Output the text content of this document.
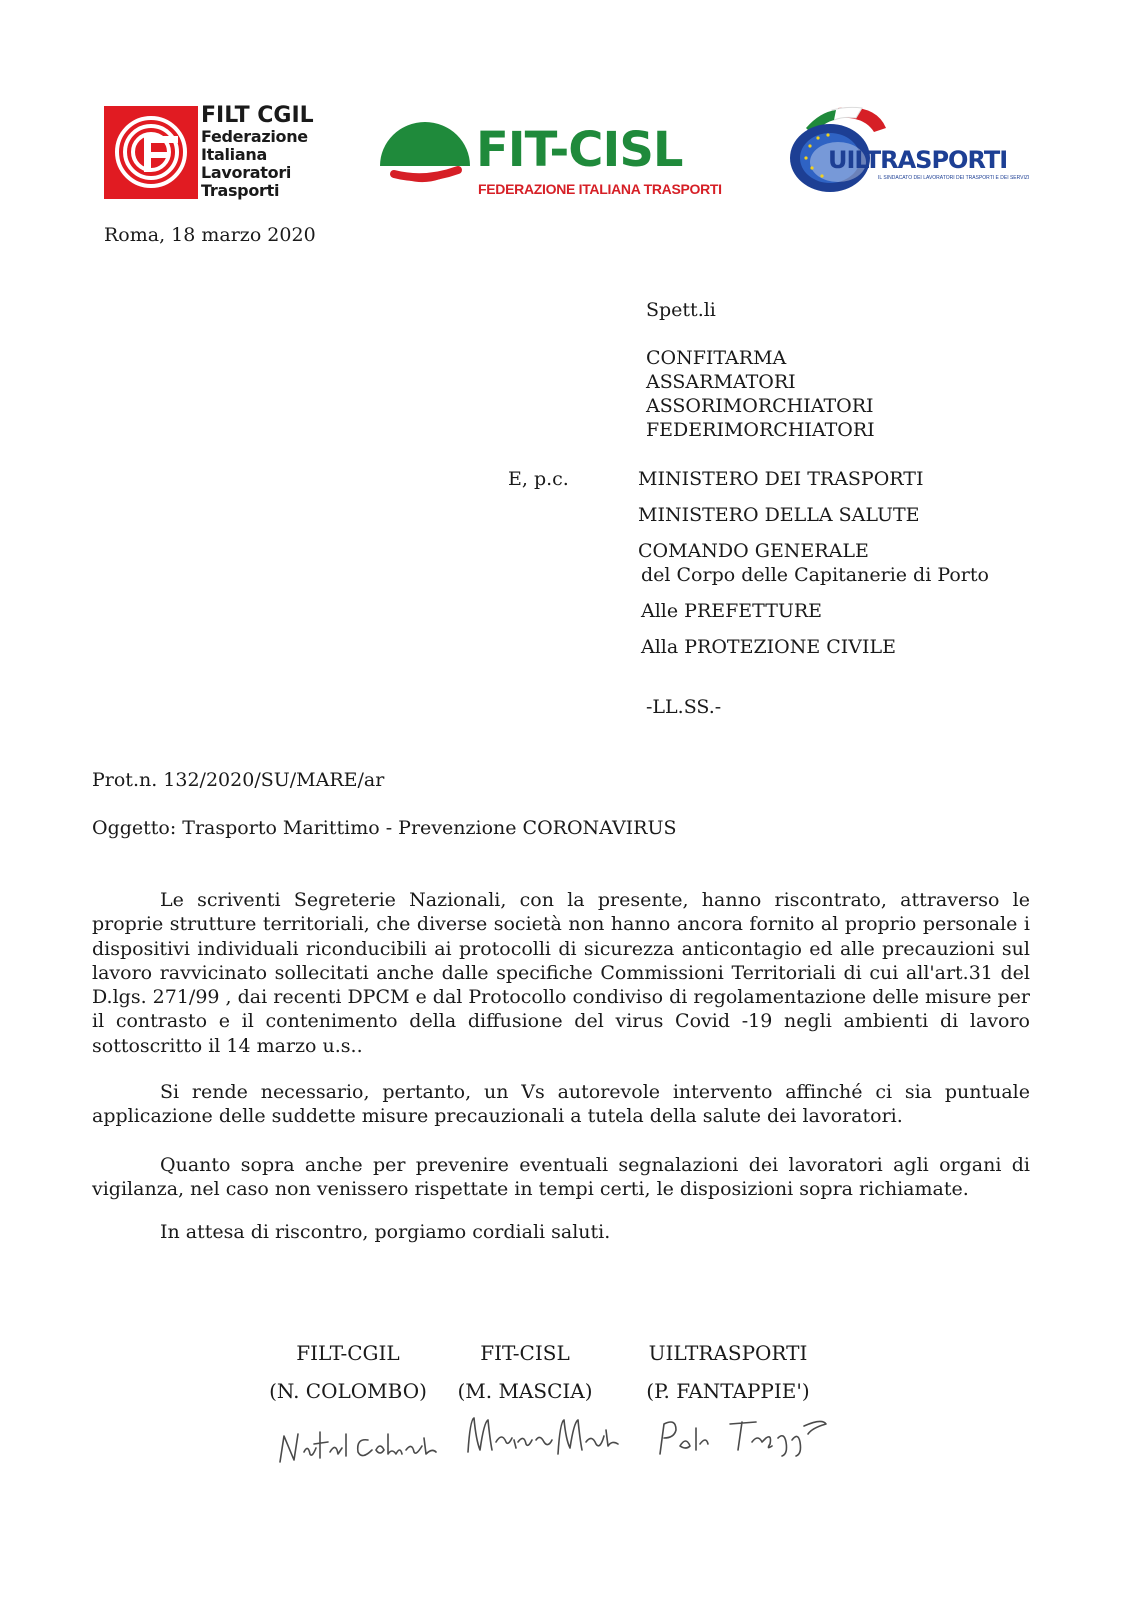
FILT CGIL
Federazione
Italiana
Lavoratori
Trasporti
FIT-CISL
FEDERAZIONE ITALIANA TRASPORTI
UILTRASPORTI
IL SINDACATO DEI LAVORATORI DEI TRASPORTI E DEI SERVIZI
Roma, 18 marzo 2020
Spett.li
CONFITARMA
ASSARMATORI
ASSORIMORCHIATORI
FEDERIMORCHIATORI
E, p.c.	MINISTERO DEI TRASPORTI
MINISTERO DELLA SALUTE
COMANDO GENERALE
del Corpo delle Capitanerie di Porto
Alle PREFETTURE
Alla PROTEZIONE CIVILE
-LL.SS.-
Prot.n. 132/2020/SU/MARE/ar
Oggetto: Trasporto Marittimo - Prevenzione CORONAVIRUS
Le scriventi Segreterie Nazionali, con la presente, hanno riscontrato, attraverso le proprie strutture territoriali, che diverse società non hanno ancora fornito al proprio personale i dispositivi individuali riconducibili ai protocolli di sicurezza anticontagio ed alle precauzioni sul lavoro ravvicinato sollecitati anche dalle specifiche Commissioni Territoriali di cui all'art.31 del D.lgs. 271/99 , dai recenti DPCM e dal Protocollo condiviso di regolamentazione delle misure per il contrasto e il contenimento della diffusione del virus Covid -19 negli ambienti di lavoro sottoscritto il 14 marzo u.s..
Si rende necessario, pertanto, un Vs autorevole intervento affinché ci sia puntuale applicazione delle suddette misure precauzionali a tutela della salute dei lavoratori.
Quanto sopra anche per prevenire eventuali segnalazioni dei lavoratori agli organi di vigilanza, nel caso non venissero rispettate in tempi certi, le disposizioni sopra richiamate.
In attesa di riscontro, porgiamo cordiali saluti.
FILT-CGIL
(N. COLOMBO)
FIT-CISL
(M. MASCIA)
UILTRASPORTI
(P. FANTAPPIE')
